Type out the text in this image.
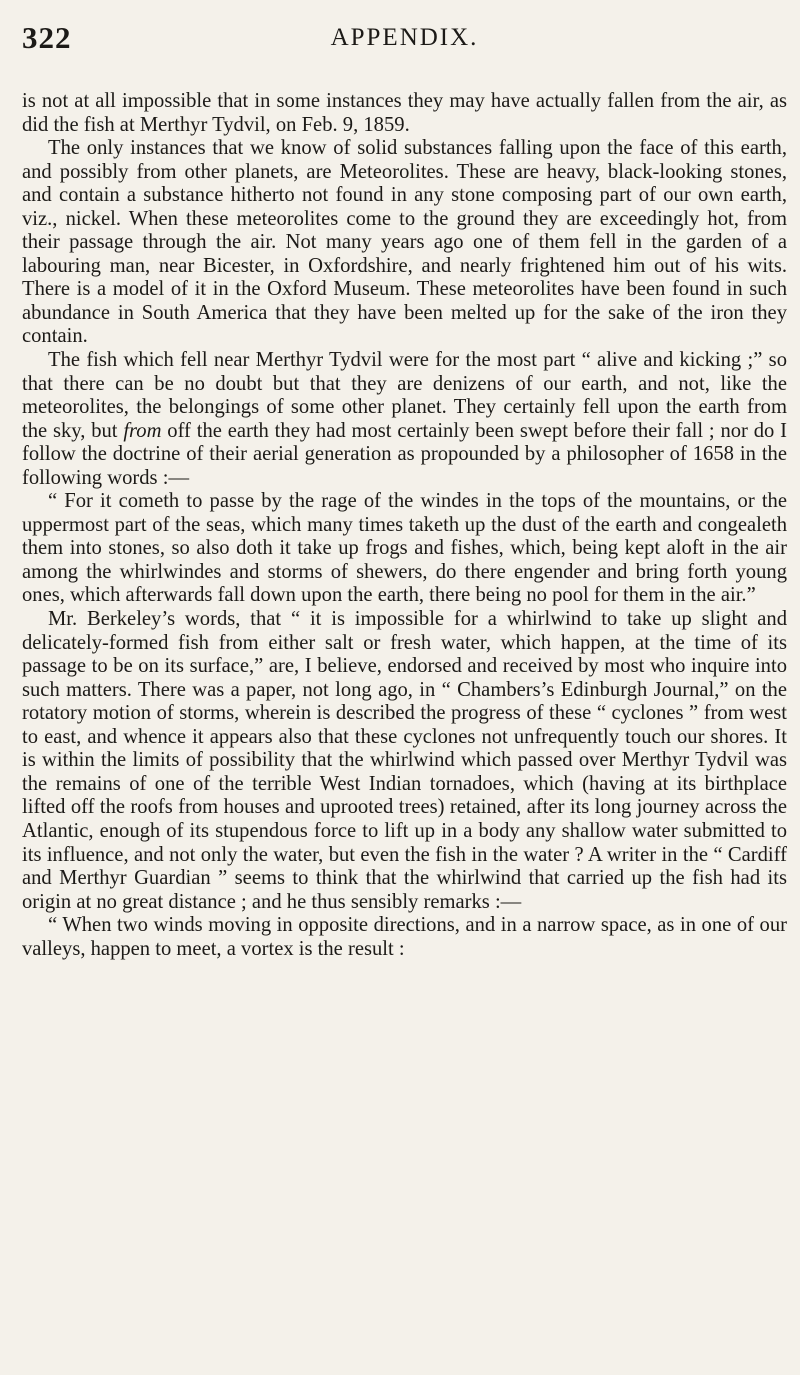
322	APPENDIX.

is not at all impossible that in some instances they may have actually fallen from the air, as did the fish at Merthyr Tydvil, on Feb. 9, 1859.

The only instances that we know of solid substances falling upon the face of this earth, and possibly from other planets, are Meteorolites. These are heavy, black-looking stones, and contain a substance hitherto not found in any stone composing part of our own earth, viz., nickel. When these meteorolites come to the ground they are exceedingly hot, from their passage through the air. Not many years ago one of them fell in the garden of a labouring man, near Bicester, in Oxfordshire, and nearly frightened him out of his wits. There is a model of it in the Oxford Museum. These meteorolites have been found in such abundance in South America that they have been melted up for the sake of the iron they contain.

The fish which fell near Merthyr Tydvil were for the most part “ alive and kicking ;” so that there can be no doubt but that they are denizens of our earth, and not, like the meteorolites, the belongings of some other planet. They certainly fell upon the earth from the sky, but from off the earth they had most certainly been swept before their fall ; nor do I follow the doctrine of their aerial generation as propounded by a philosopher of 1658 in the following words :—

“ For it cometh to passe by the rage of the windes in the tops of the mountains, or the uppermost part of the seas, which many times taketh up the dust of the earth and congealeth them into stones, so also doth it take up frogs and fishes, which, being kept aloft in the air among the whirlwindes and storms of shewers, do there engender and bring forth young ones, which afterwards fall down upon the earth, there being no pool for them in the air.”

Mr. Berkeley’s words, that “ it is impossible for a whirlwind to take up slight and delicately-formed fish from either salt or fresh water, which happen, at the time of its passage to be on its surface,” are, I believe, endorsed and received by most who inquire into such matters. There was a paper, not long ago, in “ Chambers’s Edinburgh Journal,” on the rotatory motion of storms, wherein is described the progress of these “ cyclones ” from west to east, and whence it appears also that these cyclones not unfrequently touch our shores. It is within the limits of possibility that the whirlwind which passed over Merthyr Tydvil was the remains of one of the terrible West Indian tornadoes, which (having at its birthplace lifted off the roofs from houses and uprooted trees) retained, after its long journey across the Atlantic, enough of its stupendous force to lift up in a body any shallow water submitted to its influence, and not only the water, but even the fish in the water ? A writer in the “ Cardiff and Merthyr Guardian ” seems to think that the whirlwind that carried up the fish had its origin at no great distance ; and he thus sensibly remarks :—

“ When two winds moving in opposite directions, and in a narrow space, as in one of our valleys, happen to meet, a vortex is the result :
